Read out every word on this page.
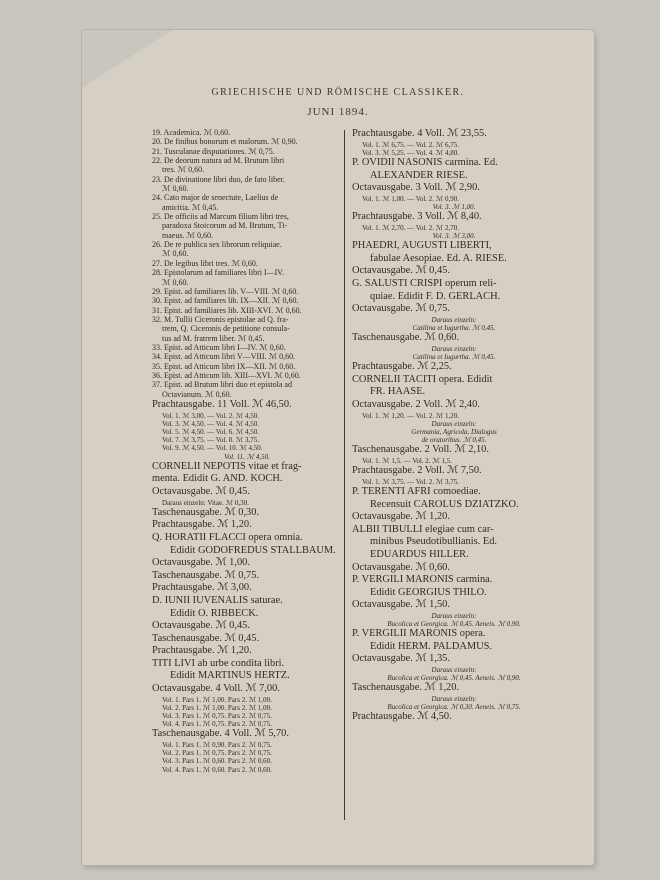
GRIECHISCHE UND RÖMISCHE CLASSIKER.
JUNI 1894.
19. Academica. ℳ 0,60.
20. De finibus bonorum et malorum. ℳ 0,90.
21. Tusculanae disputationes. ℳ 0,75.
22. De deorum natura ad M. Brutum libri
tres. ℳ 0,60.
23. De divinatione libri duo, de fato liber.
ℳ 0,60.
24. Cato major de senectute, Laelius de
amicitia. ℳ 0,45.
25. De officiis ad Marcum filium libri tres,
paradoxa Stoicorum ad M. Brutum, Ti-
maeus. ℳ 0,60.
26. De re publica sex librorum reliquiae.
ℳ 0,60.
27. De legibus libri tres. ℳ 0,60.
28. Epistolarum ad familiares libri I—IV.
ℳ 0,60.
29. Epist. ad familiares lib. V—VIII. ℳ 0,60.
30. Epist. ad familiares lib. IX—XII. ℳ 0,60.
31. Epist. ad familiares lib. XIII-XVI. ℳ 0,60.
32. M. Tullii Ciceronis epistolae ad Q. fra-
trem, Q. Ciceronis de petitione consula-
tus ad M. fratrem liber. ℳ 0,45.
33. Epist. ad Atticum libri I—IV. ℳ 0,60.
34. Epist. ad Atticum libri V—VIII. ℳ 0,60.
35. Epist. ad Atticum libri IX—XII. ℳ 0,60.
36. Epist. ad Atticum lib. XIII—XVI. ℳ 0,60.
37. Epist. ad Brutum libri duo et epistola ad
Octavianum. ℳ 0,60.
Prachtausgabe. 11 Voll. ℳ 46,50.
Vol. 1. ℳ 3,00. — Vol. 2. ℳ 4,50.
Vol. 3. ℳ 4,50. — Vol. 4. ℳ 4,50.
Vol. 5. ℳ 4,50. — Vol. 6. ℳ 4,50.
Vol. 7. ℳ 3,75. — Vol. 8. ℳ 3,75.
Vol. 9. ℳ 4,50. — Vol. 10. ℳ 4,50.
Vol. 11. ℳ 4,50.
CORNELII NEPOTIS vitae et frag-
menta. Edidit G. AND. KOCH.
Octavausgabe. ℳ 0,45.
Daraus einzeln: Vitae. ℳ 0,30.
Taschenausgabe. ℳ 0,30.
Prachtausgabe. ℳ 1,20.
Q. HORATII FLACCI opera omnia.
Edidit GODOFREDUS STALLBAUM.
Octavausgabe. ℳ 1,00.
Taschenausgabe. ℳ 0,75.
Prachtausgabe. ℳ 3,00.
D. IUNII IUVENALIS saturae.
Edidit O. RIBBECK.
Octavausgabe. ℳ 0,45.
Taschenausgabe. ℳ 0,45.
Prachtausgabe. ℳ 1,20.
TITI LIVI ab urbe condita libri.
Edidit MARTINUS HERTZ.
Octavausgabe. 4 Voll. ℳ 7,00.
Vol. 1. Pars 1. ℳ 1,00. Pars 2. ℳ 1,00.
Vol. 2. Pars 1. ℳ 1,00. Pars 2. ℳ 1,00.
Vol. 3. Pars 1. ℳ 0,75. Pars 2. ℳ 0,75.
Vol. 4. Pars 1. ℳ 0,75. Pars 2. ℳ 0,75.
Taschenausgabe. 4 Voll. ℳ 5,70.
Vol. 1. Pars 1. ℳ 0,90. Pars 2. ℳ 0,75.
Vol. 2. Pars 1. ℳ 0,75. Pars 2. ℳ 0,75.
Vol. 3. Pars 1. ℳ 0,60. Pars 2. ℳ 0,60.
Vol. 4. Pars 1. ℳ 0,60. Pars 2. ℳ 0,60.
Prachtausgabe. 4 Voll. ℳ 23,55.
Vol. 1. ℳ 6,75. — Vol. 2. ℳ 6,75.
Vol. 3. ℳ 5,25. — Vol. 4. ℳ 4,80.
P. OVIDII NASONIS carmina. Ed.
ALEXANDER RIESE.
Octavausgabe. 3 Voll. ℳ 2,90.
Vol. 1. ℳ 1,00. — Vol. 2. ℳ 0,90.
Vol. 3. ℳ 1,00.
Prachtausgabe. 3 Voll. ℳ 8,40.
Vol. 1. ℳ 2,70. — Vol. 2. ℳ 2,70.
Vol. 3. ℳ 3,00.
PHAEDRI, AUGUSTI LIBERTI,
fabulae Aesopiae. Ed. A. RIESE.
Octavausgabe. ℳ 0,45.
G. SALUSTI CRISPI operum reli-
quiae. Edidit F. D. GERLACH.
Octavausgabe. ℳ 0,75.
Daraus einzeln:
Catilina et Iugurtha. ℳ 0,45.
Taschenausgabe. ℳ 0,60.
Daraus einzeln:
Catilina et Iugurtha. ℳ 0,45.
Prachtausgabe. ℳ 2,25.
CORNELII TACITI opera. Edidit
FR. HAASE.
Octavausgabe. 2 Voll. ℳ 2,40.
Vol. 1. ℳ 1,20. — Vol. 2. ℳ 1,20.
Daraus einzeln:
Germania, Agricola, Dialogus
de oratoribus. ℳ 0,45.
Taschenausgabe. 2 Voll. ℳ 2,10.
Vol. 1. ℳ 1,5. — Vol. 2. ℳ 1,5.
Prachtausgabe. 2 Voll. ℳ 7,50.
Vol. 1. ℳ 3,75. — Vol. 2. ℳ 3,75.
P. TERENTI AFRI comoediae.
Recensuit CAROLUS DZIATZKO.
Octavausgabe. ℳ 1,20.
ALBII TIBULLI elegiae cum car-
minibus Pseudotibullianis. Ed.
EDUARDUS HILLER.
Octavausgabe. ℳ 0,60.
P. VERGILI MARONIS carmina.
Edidit GEORGIUS THILO.
Octavausgabe. ℳ 1,50.
Daraus einzeln:
Bucolica et Georgica. ℳ 0,45. Aeneis. ℳ 0,90.
P. VERGILII MARONIS opera.
Edidit HERM. PALDAMUS.
Octavausgabe. ℳ 1,35.
Daraus einzeln:
Bucolica et Georgica. ℳ 0,45. Aeneis. ℳ 0,90.
Taschenausgabe. ℳ 1,20.
Daraus einzeln:
Bucolica et Georgica. ℳ 0,30. Aeneis. ℳ 0,75.
Prachtausgabe. ℳ 4,50.
